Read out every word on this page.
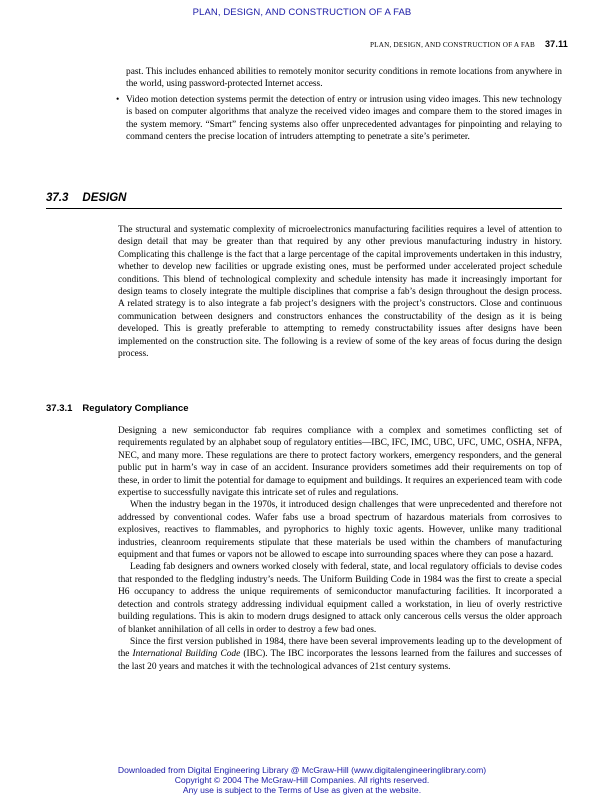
PLAN, DESIGN, AND CONSTRUCTION OF A FAB
PLAN, DESIGN, AND CONSTRUCTION OF A FAB 37.11
past. This includes enhanced abilities to remotely monitor security conditions in remote locations from anywhere in the world, using password-protected Internet access.
• Video motion detection systems permit the detection of entry or intrusion using video images. This new technology is based on computer algorithms that analyze the received video images and compare them to the stored images in the system memory. “Smart” fencing systems also offer unprecedented advantages for pinpointing and relaying to command centers the precise location of intruders attempting to penetrate a site’s perimeter.
37.3 DESIGN
The structural and systematic complexity of microelectronics manufacturing facilities requires a level of attention to design detail that may be greater than that required by any other previous manufacturing industry in history. Complicating this challenge is the fact that a large percentage of the capital improvements undertaken in this industry, whether to develop new facilities or upgrade existing ones, must be performed under accelerated project schedule conditions. This blend of technological complexity and schedule intensity has made it increasingly important for design teams to closely integrate the multiple disciplines that comprise a fab’s design throughout the design process. A related strategy is to also integrate a fab project’s designers with the project’s constructors. Close and continuous communication between designers and constructors enhances the constructability of the design as it is being developed. This is greatly preferable to attempting to remedy constructability issues after designs have been implemented on the construction site. The following is a review of some of the key areas of focus during the design process.
37.3.1 Regulatory Compliance

Designing a new semiconductor fab requires compliance with a complex and sometimes conflicting set of requirements regulated by an alphabet soup of regulatory entities—IBC, IFC, IMC, UBC, UFC, UMC, OSHA, NFPA, NEC, and many more. These regulations are there to protect factory workers, emergency responders, and the general public put in harm’s way in case of an accident. Insurance providers sometimes add their requirements on top of these, in order to limit the potential for damage to equipment and buildings. It requires an experienced team with code expertise to successfully navigate this intricate set of rules and regulations.

When the industry began in the 1970s, it introduced design challenges that were unprecedented and therefore not addressed by conventional codes. Wafer fabs use a broad spectrum of hazardous materials from corrosives to explosives, reactives to flammables, and pyrophorics to highly toxic agents. However, unlike many traditional industries, cleanroom requirements stipulate that these materials be used within the chambers of manufacturing equipment and that fumes or vapors not be allowed to escape into surrounding spaces where they can pose a hazard.

Leading fab designers and owners worked closely with federal, state, and local regulatory officials to devise codes that responded to the fledgling industry’s needs. The Uniform Building Code in 1984 was the first to create a special H6 occupancy to address the unique requirements of semiconductor manufacturing facilities. It incorporated a detection and controls strategy addressing individual equipment called a workstation, in lieu of overly restrictive building regulations. This is akin to modern drugs designed to attack only cancerous cells versus the older approach of blanket annihilation of all cells in order to destroy a few bad ones.

Since the first version published in 1984, there have been several improvements leading up to the development of the International Building Code (IBC). The IBC incorporates the lessons learned from the failures and successes of the last 20 years and matches it with the technological advances of 21st century systems.

Downloaded from Digital Engineering Library @ McGraw-Hill (www.digitalengineeringlibrary.com)
Copyright © 2004 The McGraw-Hill Companies. All rights reserved.
Any use is subject to the Terms of Use as given at the website.
